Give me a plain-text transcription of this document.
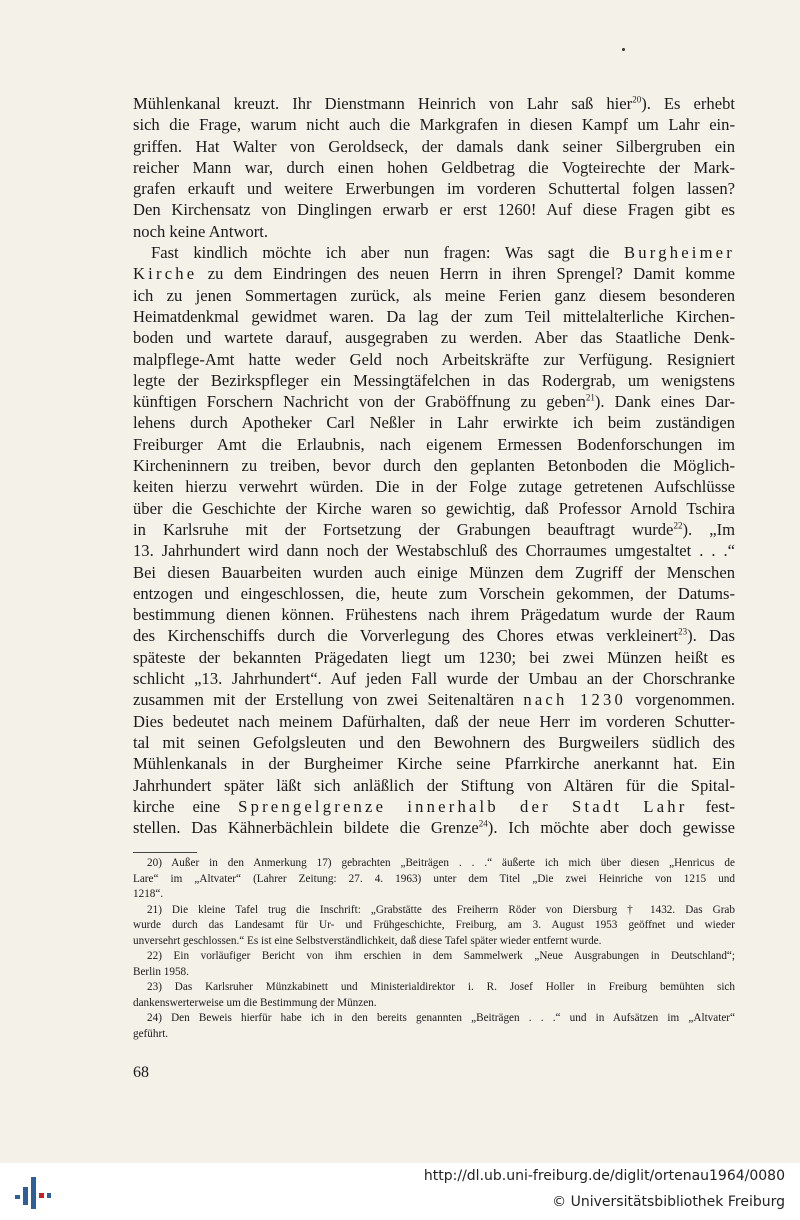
Mühlenkanal kreuzt. Ihr Dienstmann Heinrich von Lahr saß hier$^{20}$). Es erhebt
sich die Frage, warum nicht auch die Markgrafen in diesen Kampf um Lahr ein-
griffen. Hat Walter von Geroldseck, der damals dank seiner Silbergruben ein
reicher Mann war, durch einen hohen Geldbetrag die Vogteirechte der Mark-
grafen erkauft und weitere Erwerbungen im vorderen Schuttertal folgen lassen?
Den Kirchensatz von Dinglingen erwarb er erst 1260! Auf diese Fragen gibt es
noch keine Antwort.

Fast kindlich möchte ich aber nun fragen: Was sagt die Burgheimer
Kirche zu dem Eindringen des neuen Herrn in ihren Sprengel? Damit komme
ich zu jenen Sommertagen zurück, als meine Ferien ganz diesem besonderen
Heimatdenkmal gewidmet waren. Da lag der zum Teil mittelalterliche Kirchen-
boden und wartete darauf, ausgegraben zu werden. Aber das Staatliche Denk-
malpflege-Amt hatte weder Geld noch Arbeitskräfte zur Verfügung. Resigniert
legte der Bezirkspfleger ein Messingtäfelchen in das Rodergrab, um wenigstens
künftigen Forschern Nachricht von der Graböffnung zu geben$^{21}$). Dank eines Dar-
lehens durch Apotheker Carl Neßler in Lahr erwirkte ich beim zuständigen
Freiburger Amt die Erlaubnis, nach eigenem Ermessen Bodenforschungen im
Kircheninnern zu treiben, bevor durch den geplanten Betonboden die Möglich-
keiten hierzu verwehrt würden. Die in der Folge zutage getretenen Aufschlüsse
über die Geschichte der Kirche waren so gewichtig, daß Professor Arnold Tschira
in Karlsruhe mit der Fortsetzung der Grabungen beauftragt wurde$^{22}$). „Im
13. Jahrhundert wird dann noch der Westabschluß des Chorraumes umgestaltet . . .“
Bei diesen Bauarbeiten wurden auch einige Münzen dem Zugriff der Menschen
entzogen und eingeschlossen, die, heute zum Vorschein gekommen, der Datums-
bestimmung dienen können. Frühestens nach ihrem Prägedatum wurde der Raum
des Kirchenschiffs durch die Vorverlegung des Chores etwas verkleinert$^{23}$). Das
späteste der bekannten Prägedaten liegt um 1230; bei zwei Münzen heißt es
schlicht „13. Jahrhundert“. Auf jeden Fall wurde der Umbau an der Chorschranke
zusammen mit der Erstellung von zwei Seitenaltären nach 1230 vorgenommen.
Dies bedeutet nach meinem Dafürhalten, daß der neue Herr im vorderen Schutter-
tal mit seinen Gefolgsleuten und den Bewohnern des Burgweilers südlich des
Mühlenkanals in der Burgheimer Kirche seine Pfarrkirche anerkannt hat. Ein
Jahrhundert später läßt sich anläßlich der Stiftung von Altären für die Spital-
kirche eine Sprengelgrenze innerhalb der Stadt Lahr fest-
stellen. Das Kähnerbächlein bildete die Grenze$^{24}$). Ich möchte aber doch gewisse

20) Außer in den Anmerkung 17) gebrachten „Beiträgen . . .“ äußerte ich mich über diesen „Henricus de
Lare“ im „Altvater“ (Lahrer Zeitung: 27. 4. 1963) unter dem Titel „Die zwei Heinriche von 1215 und
1218“.
21) Die kleine Tafel trug die Inschrift: „Grabstätte des Freiherrn Röder von Diersburg † 1432. Das Grab
wurde durch das Landesamt für Ur- und Frühgeschichte, Freiburg, am 3. August 1953 geöffnet und wieder
unversehrt geschlossen.“ Es ist eine Selbstverständlichkeit, daß diese Tafel später wieder entfernt wurde.
22) Ein vorläufiger Bericht von ihm erschien in dem Sammelwerk „Neue Ausgrabungen in Deutschland“;
Berlin 1958.
23) Das Karlsruher Münzkabinett und Ministerialdirektor i. R. Josef Holler in Freiburg bemühten sich
dankenswerterweise um die Bestimmung der Münzen.
24) Den Beweis hierfür habe ich in den bereits genannten „Beiträgen . . .“ und in Aufsätzen im „Altvater“
geführt.
68
http://dl.ub.uni-freiburg.de/diglit/ortenau1964/0080
© Universitätsbibliothek Freiburg
